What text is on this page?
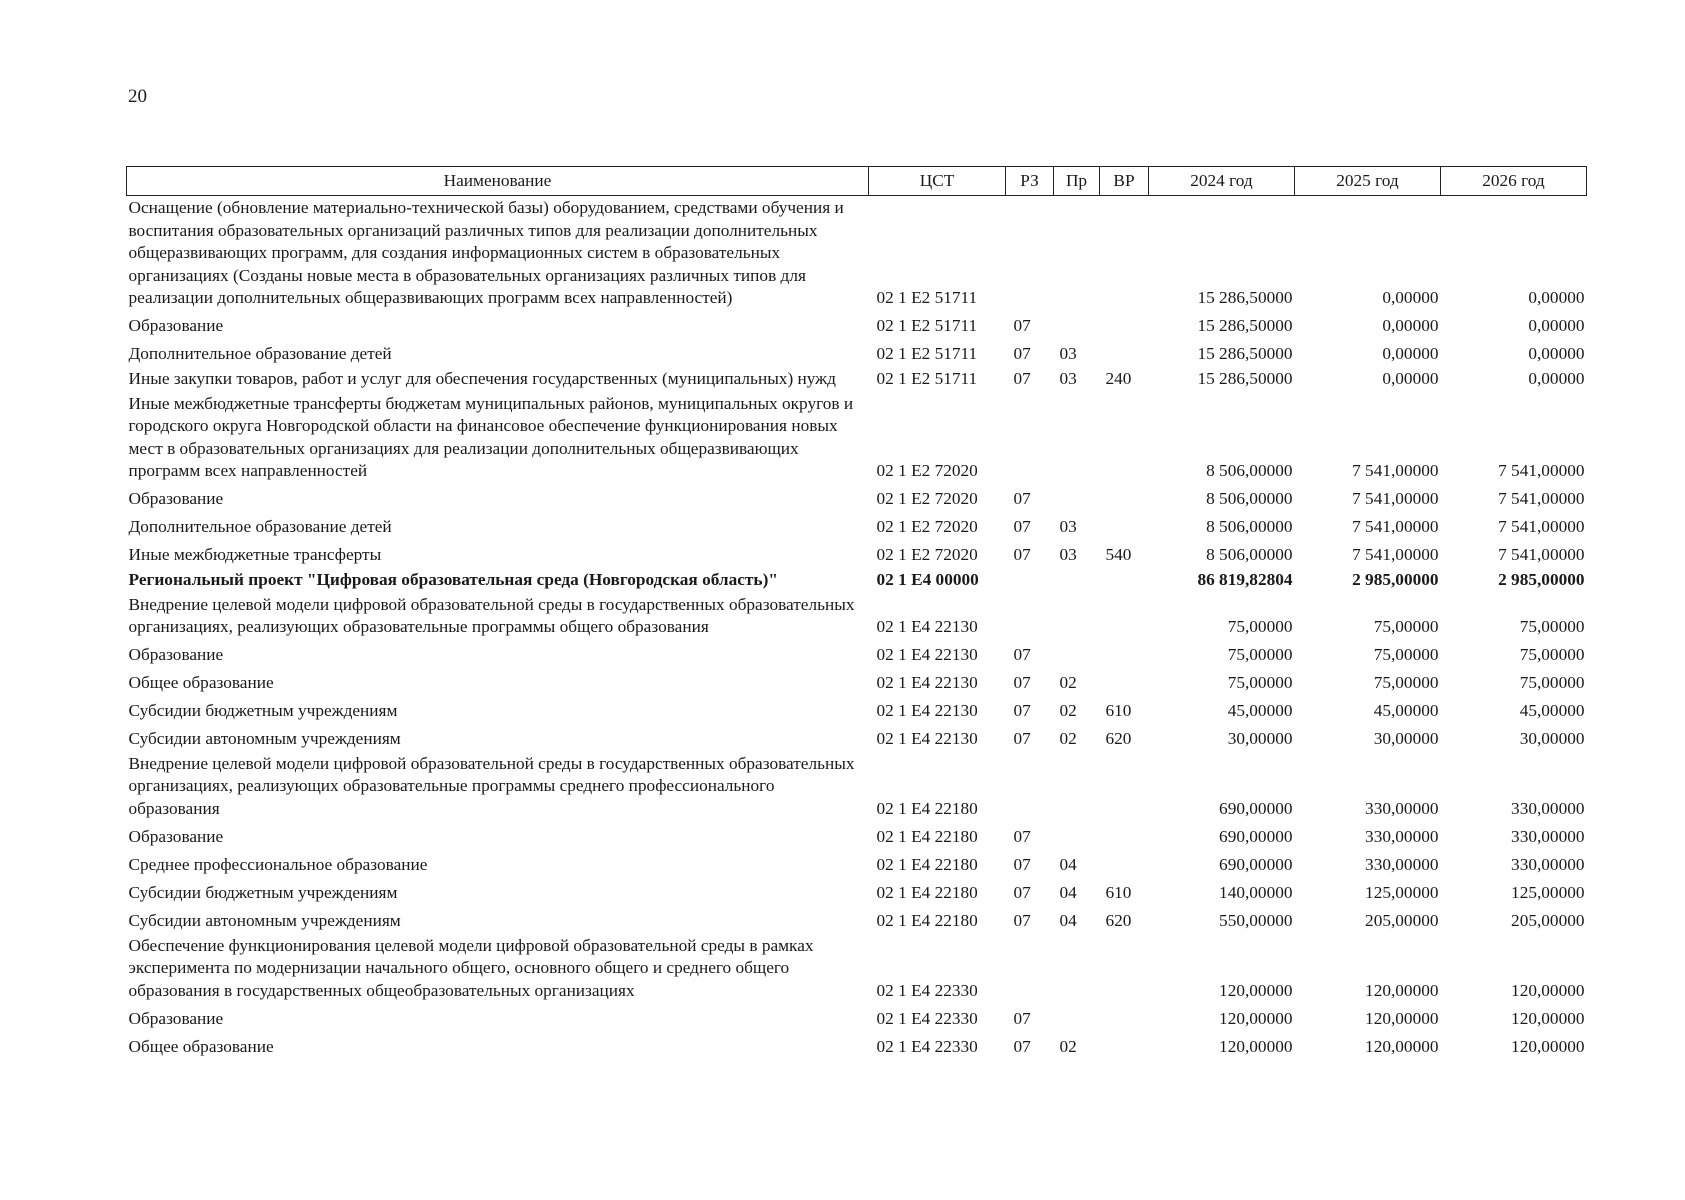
20
Наименование	ЦСТ	РЗ	Пр	ВР	2024 год	2025 год	2026 год
Оснащение (обновление материально-технической базы) оборудованием, средствами обучения и воспитания образовательных организаций различных типов для реализации дополнительных общеразвивающих программ, для создания информационных систем в образовательных организациях (Созданы новые места в образовательных организациях различных типов для реализации дополнительных общеразвивающих программ всех направленностей)	02 1 E2 51711				15 286,50000	0,00000	0,00000
Образование	02 1 E2 51711	07			15 286,50000	0,00000	0,00000
Дополнительное образование детей	02 1 E2 51711	07	03		15 286,50000	0,00000	0,00000
Иные закупки товаров, работ и услуг для обеспечения государственных (муниципальных) нужд	02 1 E2 51711	07	03	240	15 286,50000	0,00000	0,00000
Иные межбюджетные трансферты бюджетам муниципальных районов, муниципальных округов и городского округа Новгородской области на финансовое обеспечение функционирования новых мест в образовательных организациях для реализации дополнительных общеразвивающих программ всех направленностей	02 1 E2 72020				8 506,00000	7 541,00000	7 541,00000
Образование	02 1 E2 72020	07			8 506,00000	7 541,00000	7 541,00000
Дополнительное образование детей	02 1 E2 72020	07	03		8 506,00000	7 541,00000	7 541,00000
Иные межбюджетные трансферты	02 1 E2 72020	07	03	540	8 506,00000	7 541,00000	7 541,00000
Региональный проект "Цифровая образовательная среда (Новгородская область)"	02 1 E4 00000				86 819,82804	2 985,00000	2 985,00000
Внедрение целевой модели цифровой образовательной среды в государственных образовательных организациях, реализующих образовательные программы общего образования	02 1 E4 22130				75,00000	75,00000	75,00000
Образование	02 1 E4 22130	07			75,00000	75,00000	75,00000
Общее образование	02 1 E4 22130	07	02		75,00000	75,00000	75,00000
Субсидии бюджетным учреждениям	02 1 E4 22130	07	02	610	45,00000	45,00000	45,00000
Субсидии автономным учреждениям	02 1 E4 22130	07	02	620	30,00000	30,00000	30,00000
Внедрение целевой модели цифровой образовательной среды в государственных образовательных организациях, реализующих образовательные программы среднего профессионального образования	02 1 E4 22180				690,00000	330,00000	330,00000
Образование	02 1 E4 22180	07			690,00000	330,00000	330,00000
Среднее профессиональное образование	02 1 E4 22180	07	04		690,00000	330,00000	330,00000
Субсидии бюджетным учреждениям	02 1 E4 22180	07	04	610	140,00000	125,00000	125,00000
Субсидии автономным учреждениям	02 1 E4 22180	07	04	620	550,00000	205,00000	205,00000
Обеспечение функционирования целевой модели цифровой образовательной среды в рамках эксперимента по модернизации начального общего, основного общего и среднего общего образования в государственных общеобразовательных организациях	02 1 E4 22330				120,00000	120,00000	120,00000
Образование	02 1 E4 22330	07			120,00000	120,00000	120,00000
Общее образование	02 1 E4 22330	07	02		120,00000	120,00000	120,00000
